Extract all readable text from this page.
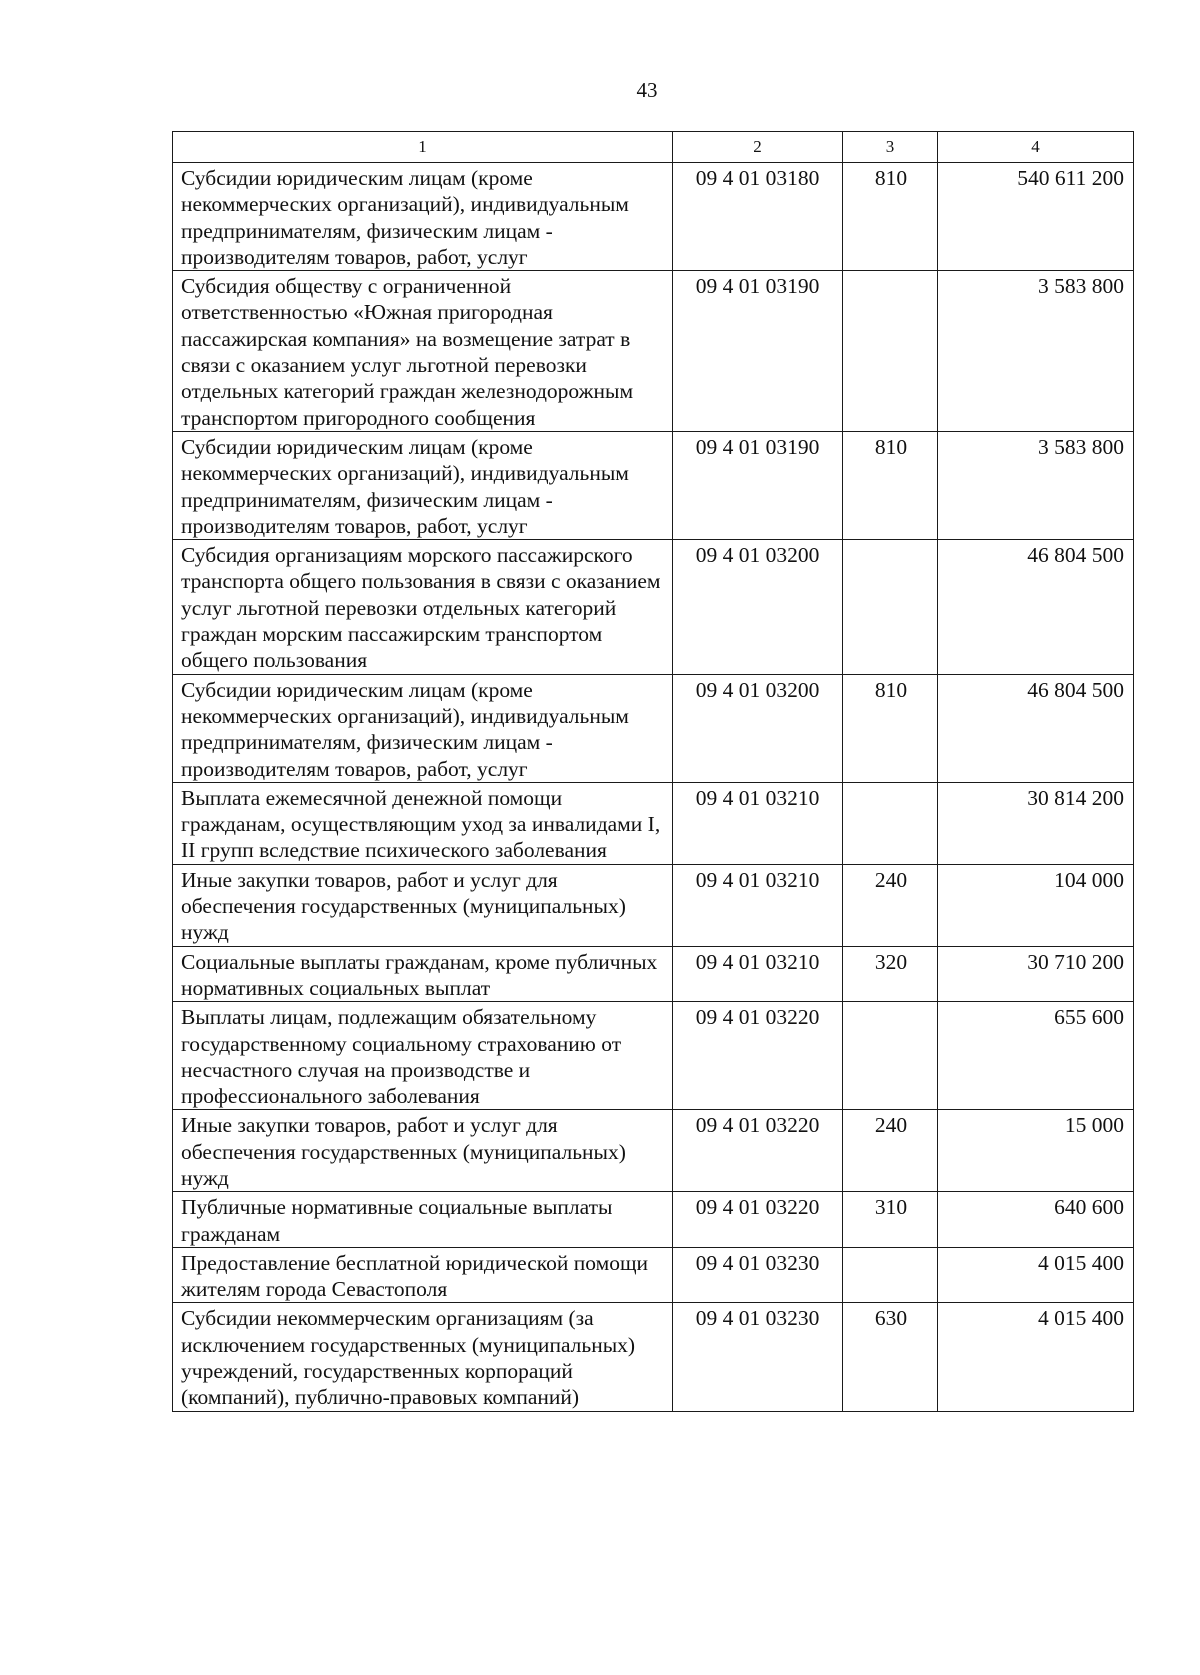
43
1	2	3	4
Субсидии юридическим лицам (кроме некоммерческих организаций), индивидуальным предпринимателям, физическим лицам - производителям товаров, работ, услуг	09 4 01 03180	810	540 611 200
Субсидия обществу с ограниченной ответственностью «Южная пригородная пассажирская компания» на возмещение затрат в связи с оказанием услуг льготной перевозки отдельных категорий граждан железнодорожным транспортом пригородного сообщения	09 4 01 03190		3 583 800
Субсидии юридическим лицам (кроме некоммерческих организаций), индивидуальным предпринимателям, физическим лицам - производителям товаров, работ, услуг	09 4 01 03190	810	3 583 800
Субсидия организациям морского пассажирского транспорта общего пользования в связи с оказанием услуг льготной перевозки отдельных категорий граждан морским пассажирским транспортом общего пользования	09 4 01 03200		46 804 500
Субсидии юридическим лицам (кроме некоммерческих организаций), индивидуальным предпринимателям, физическим лицам - производителям товаров, работ, услуг	09 4 01 03200	810	46 804 500
Выплата ежемесячной денежной помощи гражданам, осуществляющим уход за инвалидами I, II групп вследствие психического заболевания	09 4 01 03210		30 814 200
Иные закупки товаров, работ и услуг для обеспечения государственных (муниципальных) нужд	09 4 01 03210	240	104 000
Социальные выплаты гражданам, кроме публичных нормативных социальных выплат	09 4 01 03210	320	30 710 200
Выплаты лицам, подлежащим обязательному государственному социальному страхованию от несчастного случая на производстве и профессионального заболевания	09 4 01 03220		655 600
Иные закупки товаров, работ и услуг для обеспечения государственных (муниципальных) нужд	09 4 01 03220	240	15 000
Публичные нормативные социальные выплаты гражданам	09 4 01 03220	310	640 600
Предоставление бесплатной юридической помощи жителям города Севастополя	09 4 01 03230		4 015 400
Субсидии некоммерческим организациям (за исключением государственных (муниципальных) учреждений, государственных корпораций (компаний), публично-правовых компаний)	09 4 01 03230	630	4 015 400
